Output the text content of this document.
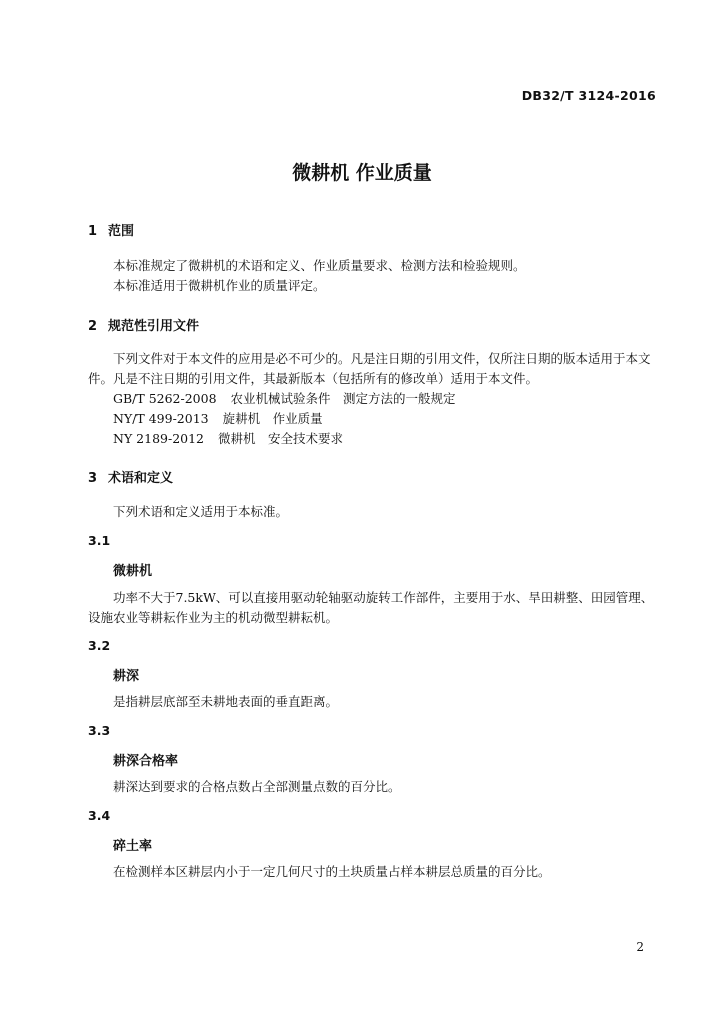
DB32/T 3124-2016
微耕机 作业质量
1 范围
本标准规定了微耕机的术语和定义、作业质量要求、检测方法和检验规则。
本标准适用于微耕机作业的质量评定。
2 规范性引用文件
下列文件对于本文件的应用是必不可少的。凡是注日期的引用文件，仅所注日期的版本适用于本文件。凡是不注日期的引用文件，其最新版本（包括所有的修改单）适用于本文件。
GB/T 5262-2008 农业机械试验条件　测定方法的一般规定
NY/T 499-2013 旋耕机　作业质量
NY 2189-2012 微耕机　安全技术要求
3 术语和定义
下列术语和定义适用于本标准。
3.1
微耕机
功率不大于7.5kW、可以直接用驱动轮轴驱动旋转工作部件，主要用于水、旱田耕整、田园管理、设施农业等耕耘作业为主的机动微型耕耘机。
3.2
耕深
是指耕层底部至未耕地表面的垂直距离。
3.3
耕深合格率
耕深达到要求的合格点数占全部测量点数的百分比。
3.4
碎土率
在检测样本区耕层内小于一定几何尺寸的土块质量占样本耕层总质量的百分比。
2
